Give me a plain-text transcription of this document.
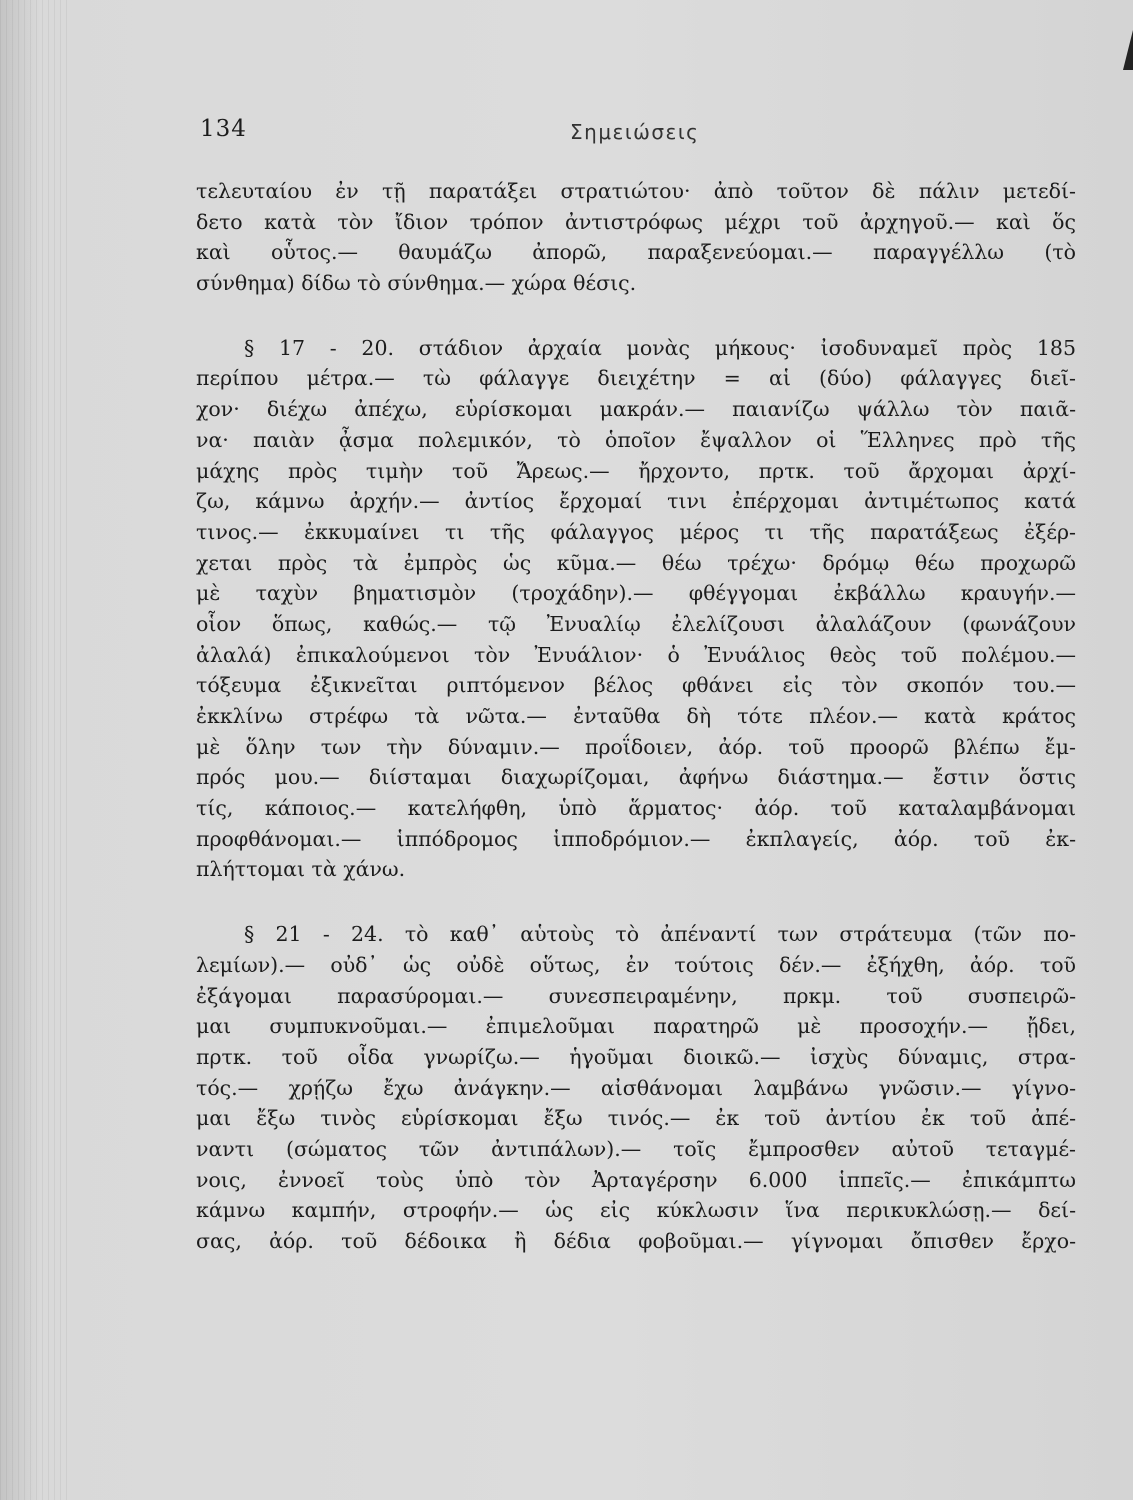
134	Σημειώσεις
τελευταίου ἐν τῇ παρατάξει στρατιώτου· ἀπὸ τοῦτον δὲ πάλιν μετεδί-
δετο κατὰ τὸν ἴδιον τρόπον ἀντιστρόφως μέχρι τοῦ ἀρχηγοῦ.— καὶ ὅς
καὶ οὗτος.— θαυμάζω ἀπορῶ, παραξενεύομαι.— παραγγέλλω (τὸ
σύνθημα) δίδω τὸ σύνθημα.— χώρα θέσις.
§ 17 - 20. στάδιον ἀρχαία μονὰς μήκους· ἰσοδυναμεῖ πρὸς 185
περίπου μέτρα.— τὼ φάλαγγε διειχέτην = αἱ (δύο) φάλαγγες διεῖ-
χον· διέχω ἀπέχω, εὑρίσκομαι μακράν.— παιανίζω ψάλλω τὸν παιᾶ-
να· παιὰν ᾆσμα πολεμικόν, τὸ ὁποῖον ἔψαλλον οἱ Ἕλληνες πρὸ τῆς
μάχης πρὸς τιμὴν τοῦ Ἄρεως.— ἤρχοντο, πρτκ. τοῦ ἄρχομαι ἀρχί-
ζω, κάμνω ἀρχήν.— ἀντίος ἔρχομαί τινι ἐπέρχομαι ἀντιμέτωπος κατά
τινος.— ἐκκυμαίνει τι τῆς φάλαγγος μέρος τι τῆς παρατάξεως ἐξέρ-
χεται πρὸς τὰ ἐμπρὸς ὡς κῦμα.— θέω τρέχω· δρόμῳ θέω προχωρῶ
μὲ ταχὺν βηματισμὸν (τροχάδην).— φθέγγομαι ἐκβάλλω κραυγήν.—
οἷον ὅπως, καθώς.— τῷ Ἐνυαλίῳ ἐλελίζουσι ἀλαλάζουν (φωνάζουν
ἀλαλά) ἐπικαλούμενοι τὸν Ἐνυάλιον· ὁ Ἐνυάλιος θεὸς τοῦ πολέμου.—
τόξευμα ἐξικνεῖται ριπτόμενον βέλος φθάνει εἰς τὸν σκοπόν του.—
ἐκκλίνω στρέφω τὰ νῶτα.— ἐνταῦθα δὴ τότε πλέον.— κατὰ κράτος
μὲ ὅλην των τὴν δύναμιν.— προΐδοιεν, ἀόρ. τοῦ προορῶ βλέπω ἔμ-
πρός μου.— διίσταμαι διαχωρίζομαι, ἀφήνω διάστημα.— ἔστιν ὅστις
τίς, κάποιος.— κατελήφθη, ὑπὸ ἅρματος· ἀόρ. τοῦ καταλαμβάνομαι
προφθάνομαι.— ἱππόδρομος ἱπποδρόμιον.— ἐκπλαγείς, ἀόρ. τοῦ ἐκ-
πλήττομαι τὰ χάνω.
§ 21 - 24. τὸ καθ᾽ αὑτοὺς τὸ ἀπέναντί των στράτευμα (τῶν πο-
λεμίων).— οὐδ᾽ ὡς οὐδὲ οὕτως, ἐν τούτοις δέν.— ἐξήχθη, ἀόρ. τοῦ
ἐξάγομαι παρασύρομαι.— συνεσπειραμένην, πρκμ. τοῦ συσπειρῶ-
μαι συμπυκνοῦμαι.— ἐπιμελοῦμαι παρατηρῶ μὲ προσοχήν.— ᾔδει,
πρτκ. τοῦ οἶδα γνωρίζω.— ἡγοῦμαι διοικῶ.— ἰσχὺς δύναμις, στρα-
τός.— χρῄζω ἔχω ἀνάγκην.— αἰσθάνομαι λαμβάνω γνῶσιν.— γίγνο-
μαι ἔξω τινὸς εὑρίσκομαι ἔξω τινός.— ἐκ τοῦ ἀντίου ἐκ τοῦ ἀπέ-
ναντι (σώματος τῶν ἀντιπάλων).— τοῖς ἔμπροσθεν αὐτοῦ τεταγμέ-
νοις, ἐννοεῖ τοὺς ὑπὸ τὸν Ἀρταγέρσην 6.000 ἱππεῖς.— ἐπικάμπτω
κάμνω καμπήν, στροφήν.— ὡς εἰς κύκλωσιν ἵνα περικυκλώσῃ.— δεί-
σας, ἀόρ. τοῦ δέδοικα ἢ δέδια φοβοῦμαι.— γίγνομαι ὄπισθεν ἔρχο-
